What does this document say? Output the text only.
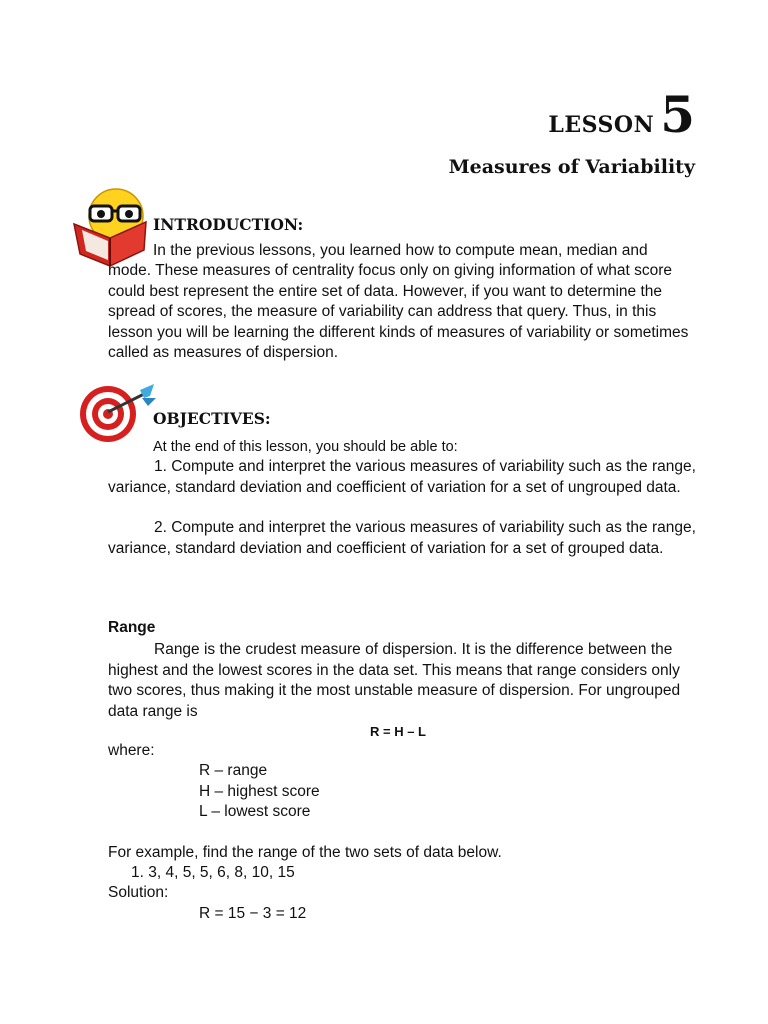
LESSON 5
Measures of Variability
INTRODUCTION:
In the previous lessons, you learned how to compute mean, median and
mode. These measures of centrality focus only on giving information of what score could best represent the entire set of data. However, if you want to determine the spread of scores, the measure of variability can address that query. Thus, in this lesson you will be learning the different kinds of measures of variability or sometimes called as measures of dispersion.
OBJECTIVES:
At the end of this lesson, you should be able to:
1. Compute and interpret the various measures of variability such as the range, variance, standard deviation and coefficient of variation for a set of ungrouped data.
2. Compute and interpret the various measures of variability such as the range, variance, standard deviation and coefficient of variation for a set of grouped data.
Range
Range is the crudest measure of dispersion. It is the difference between the highest and the lowest scores in the data set. This means that range considers only two scores, thus making it the most unstable measure of dispersion. For ungrouped data range is
R = H – L
where:
R – range
H – highest score
L – lowest score
For example, find the range of the two sets of data below.
1. 3, 4, 5, 5, 6, 8, 10, 15
Solution:
R = 15 − 3 = 12
